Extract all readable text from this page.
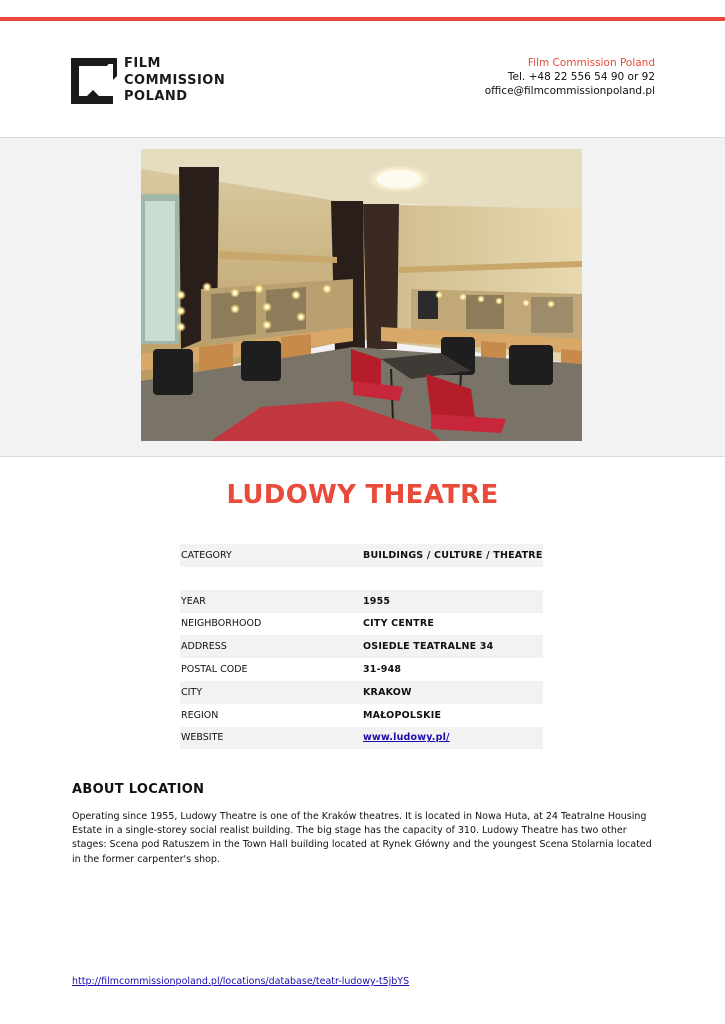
FILM
COMMISSION
POLAND
Film Commission Poland
Tel. +48 22 556 54 90 or 92
office@filmcommissionpoland.pl
LUDOWY THEATRE
CATEGORY	BUILDINGS / CULTURE / THEATRE

YEAR	1955
NEIGHBORHOOD	CITY CENTRE
ADDRESS	OSIEDLE TEATRALNE 34
POSTAL CODE	31-948
CITY	KRAKOW
REGION	MAŁOPOLSKIE
WEBSITE	www.ludowy.pl/
ABOUT LOCATION
Operating since 1955, Ludowy Theatre is one of the Kraków theatres. It is located in Nowa Huta, at 24 Teatralne Housing Estate in a single-storey social realist building. The big stage has the capacity of 310. Ludowy Theatre has two other stages: Scena pod Ratuszem in the Town Hall building located at Rynek Główny and the youngest Scena Stolarnia located in the former carpenter's shop.
http://filmcommissionpoland.pl/locations/database/teatr-ludowy-t5jbYS
